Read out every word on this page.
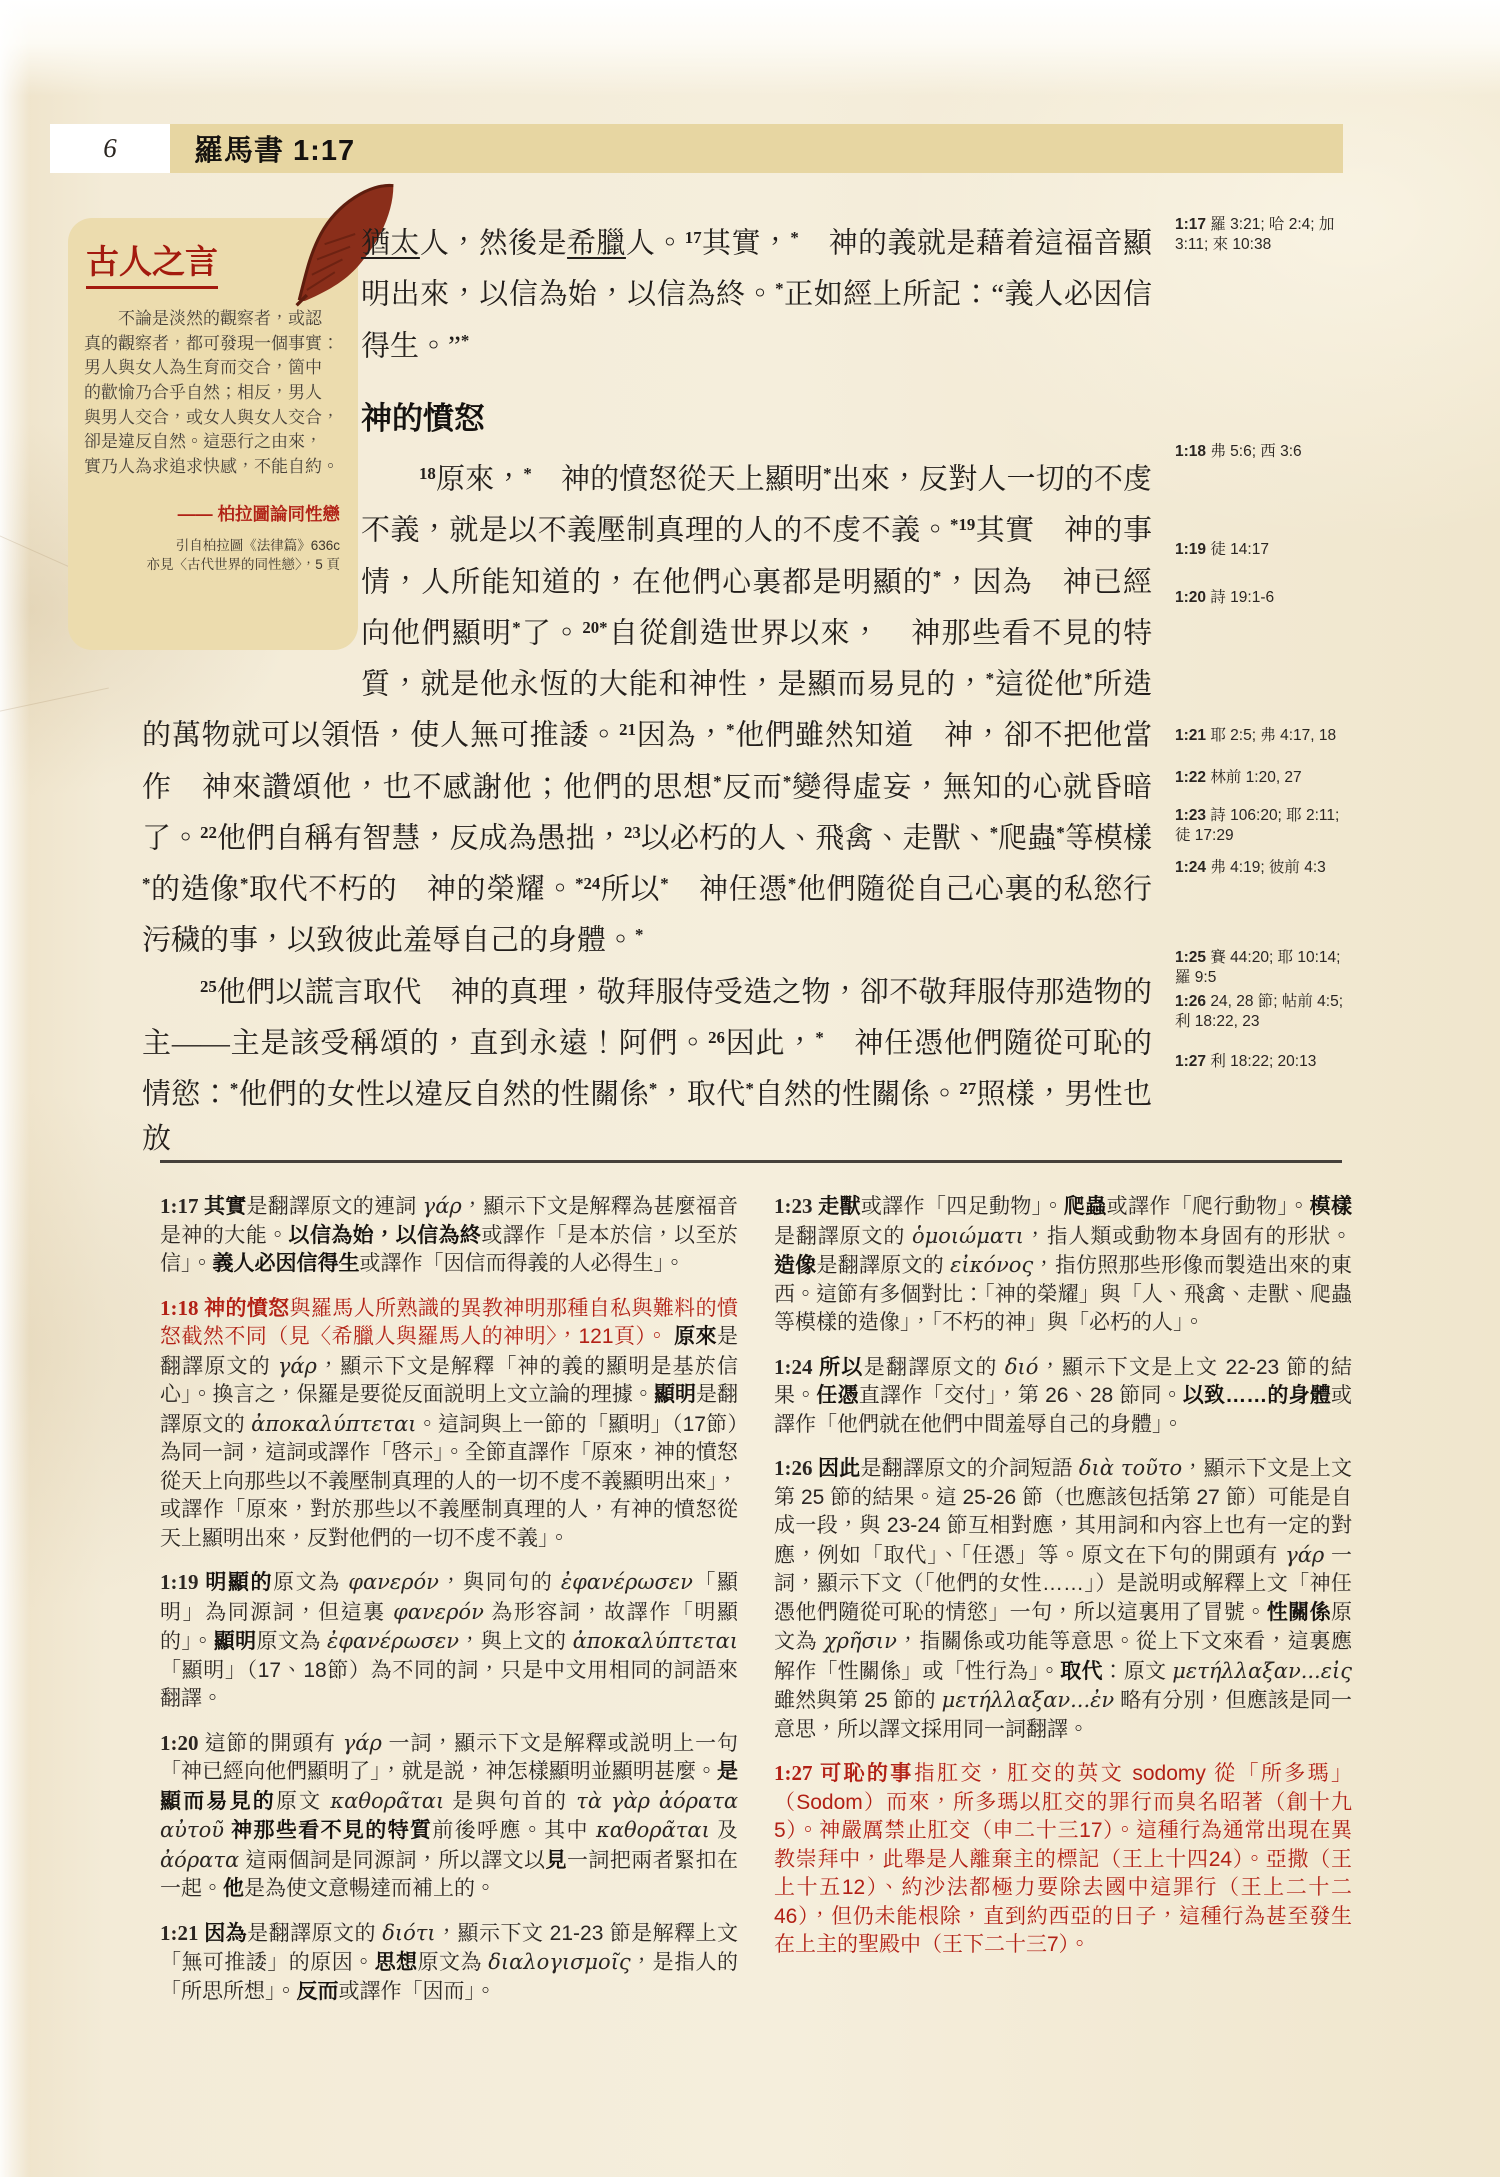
6	羅馬書 1:17
古人之言
不論是淡然的觀察者，或認
真的觀察者，都可發現一個事實：
男人與女人為生育而交合，箇中
的歡愉乃合乎自然；相反，男人
與男人交合，或女人與女人交合，
卻是違反自然。這惡行之由來，
實乃人為求追求快感，不能自約。
—— 柏拉圖論同性戀
引自柏拉圖《法律篇》636c
亦見〈古代世界的同性戀〉，5 頁

猶太人，然後是希臘人。$^{17}$其實，*　神的義就是藉着這福音顯明出來，以信為始，以信為終。*正如經上所記：“義人必因信得生。”*

神的憤怒

$^{18}$原來，*　神的憤怒從天上顯明*出來，反對人一切的不虔不義，就是以不義壓制真理的人的不虔不義。$^{*19}$其實　神的事情，人所能知道的，在他們心裏都是明顯的*，因為　神已經向他們顯明*了。$^{20*}$自從創造世界以來，　神那些看不見的特質，就是他永恆的大能和神性，是顯而易見的，*這從他*所造的萬物就可以領悟，使人無可推諉。$^{21}$因為，*他們雖然知道　神，卻不把他當作　神來讚頌他，也不感謝他；他們的思想*反而*變得虛妄，無知的心就昏暗了。$^{22}$他們自稱有智慧，反成為愚拙，$^{23}$以必朽的人、飛禽、走獸、*爬蟲*等模樣*的造像*取代不朽的　神的榮耀。$^{*24}$所以*　神任憑*他們隨從自己心裏的私慾行污穢的事，以致彼此羞辱自己的身體。*

$^{25}$他們以謊言取代　神的真理，敬拜服侍受造之物，卻不敬拜服侍那造物的主——主是該受稱頌的，直到永遠！阿們。$^{26}$因此，*　神任憑他們隨從可恥的情慾：*他們的女性以違反自然的性關係*，取代*自然的性關係。$^{27}$照樣，男性也放

1:17 羅 3:21; 哈 2:4; 加 3:11; 來 10:38
1:18 弗 5:6; 西 3:6
1:19 徒 14:17
1:20 詩 19:1-6
1:21 耶 2:5; 弗 4:17, 18
1:22 林前 1:20, 27
1:23 詩 106:20; 耶 2:11; 徒 17:29
1:24 弗 4:19; 彼前 4:3
1:25 賽 44:20; 耶 10:14; 羅 9:5
1:26 24, 28 節; 帖前 4:5; 利 18:22, 23
1:27 利 18:22; 20:13
1:17 其實是翻譯原文的連詞 γάρ，顯示下文是解釋為甚麼福音是神的大能。以信為始，以信為終或譯作「是本於信，以至於信」。義人必因信得生或譯作「因信而得義的人必得生」。
1:18 神的憤怒與羅馬人所熟識的異教神明那種自私與難料的憤怒截然不同（見〈希臘人與羅馬人的神明〉，121頁）。 原來是翻譯原文的 γάρ，顯示下文是解釋「神的義的顯明是基於信心」。換言之，保羅是要從反面説明上文立論的理據。顯明是翻譯原文的 ἀποκαλύπτεται。這詞與上一節的「顯明」（17節）為同一詞，這詞或譯作「啓示」。全節直譯作「原來，神的憤怒從天上向那些以不義壓制真理的人的一切不虔不義顯明出來」，或譯作「原來，對於那些以不義壓制真理的人，有神的憤怒從天上顯明出來，反對他們的一切不虔不義」。
1:19 明顯的原文為 φανερόν，與同句的 ἐφανέρωσεν「顯明」為同源詞，但這裏 φανερόν 為形容詞，故譯作「明顯的」。顯明原文為 ἐφανέρωσεν，與上文的 ἀποκαλύπτεται「顯明」（17、18節）為不同的詞，只是中文用相同的詞語來翻譯。
1:20 這節的開頭有 γάρ 一詞，顯示下文是解釋或説明上一句「神已經向他們顯明了」，就是説，神怎樣顯明並顯明甚麼。是顯而易見的原文 καθορᾶται 是與句首的 τὰ γὰρ ἀόρατα αὐτοῦ 神那些看不見的特質前後呼應。其中 καθορᾶται 及 ἀόρατα 這兩個詞是同源詞，所以譯文以見一詞把兩者緊扣在一起。他是為使文意暢達而補上的。
1:21 因為是翻譯原文的 διότι，顯示下文 21-23 節是解釋上文「無可推諉」的原因。思想原文為 διαλογισμοῖς，是指人的「所思所想」。反而或譯作「因而」。
1:23 走獸或譯作「四足動物」。爬蟲或譯作「爬行動物」。模樣是翻譯原文的 ὁμοιώματι，指人類或動物本身固有的形狀。造像是翻譯原文的 εἰκόνος，指仿照那些形像而製造出來的東西。這節有多個對比：「神的榮耀」與「人、飛禽、走獸、爬蟲等模樣的造像」，「不朽的神」與「必朽的人」。
1:24 所以是翻譯原文的 διό，顯示下文是上文 22-23 節的結果。任憑直譯作「交付」，第 26、28 節同。以致……的身體或譯作「他們就在他們中間羞辱自己的身體」。
1:26 因此是翻譯原文的介詞短語 διὰ τοῦτο，顯示下文是上文第 25 節的結果。這 25-26 節（也應該包括第 27 節）可能是自成一段，與 23-24 節互相對應，其用詞和內容上也有一定的對應，例如「取代」、「任憑」等。原文在下句的開頭有 γάρ 一詞，顯示下文（「他們的女性……」）是説明或解釋上文「神任憑他們隨從可恥的情慾」一句，所以這裏用了冒號。性關係原文為 χρῆσιν，指關係或功能等意思。從上下文來看，這裏應解作「性關係」或「性行為」。取代：原文 μετήλλαξαν...εἰς 雖然與第 25 節的 μετήλλαξαν...ἐν 略有分別，但應該是同一意思，所以譯文採用同一詞翻譯。
1:27 可恥的事指肛交，肛交的英文 sodomy 從「所多瑪」（Sodom）而來，所多瑪以肛交的罪行而臭名昭著（創十九5）。神嚴厲禁止肛交（申二十三17）。這種行為通常出現在異教崇拜中，此舉是人離棄主的標記（王上十四24）。亞撒（王上十五12）、約沙法都極力要除去國中這罪行（王上二十二46），但仍未能根除，直到約西亞的日子，這種行為甚至發生在上主的聖殿中（王下二十三7）。
